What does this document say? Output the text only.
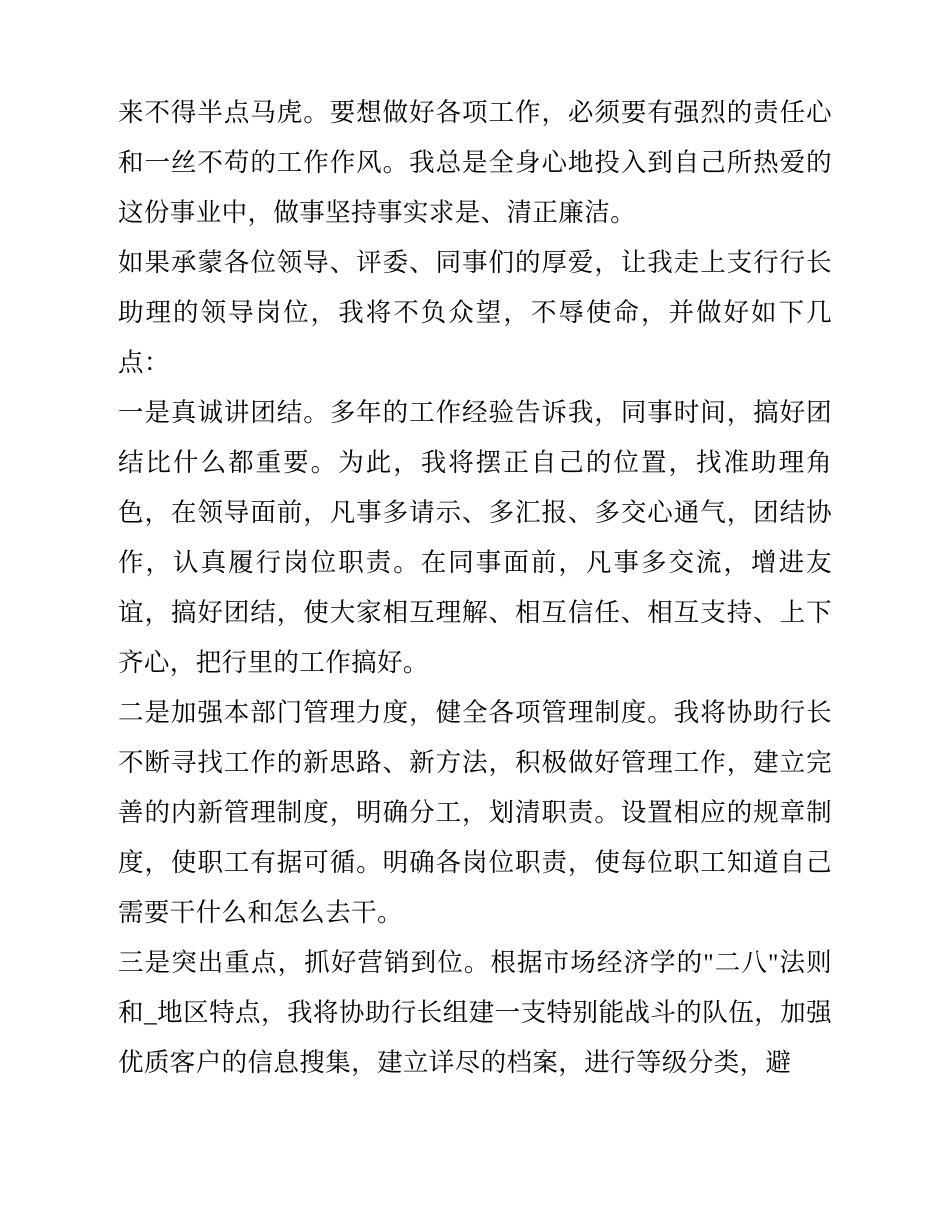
来不得半点马虎。要想做好各项工作，必须要有强烈的责任心和一丝不苟的工作作风。我总是全身心地投入到自己所热爱的这份事业中，做事坚持事实求是、清正廉洁。

如果承蒙各位领导、评委、同事们的厚爱，让我走上支行行长助理的领导岗位，我将不负众望，不辱使命，并做好如下几点：

一是真诚讲团结。多年的工作经验告诉我，同事时间，搞好团结比什么都重要。为此，我将摆正自己的位置，找准助理角色，在领导面前，凡事多请示、多汇报、多交心通气，团结协作，认真履行岗位职责。在同事面前，凡事多交流，增进友谊，搞好团结，使大家相互理解、相互信任、相互支持、上下齐心，把行里的工作搞好。

二是加强本部门管理力度，健全各项管理制度。我将协助行长不断寻找工作的新思路、新方法，积极做好管理工作，建立完善的内新管理制度，明确分工，划清职责。设置相应的规章制度，使职工有据可循。明确各岗位职责，使每位职工知道自己需要干什么和怎么去干。

三是突出重点，抓好营销到位。根据市场经济学的"二八"法则和_地区特点，我将协助行长组建一支特别能战斗的队伍，加强优质客户的信息搜集，建立详尽的档案，进行等级分类，避
